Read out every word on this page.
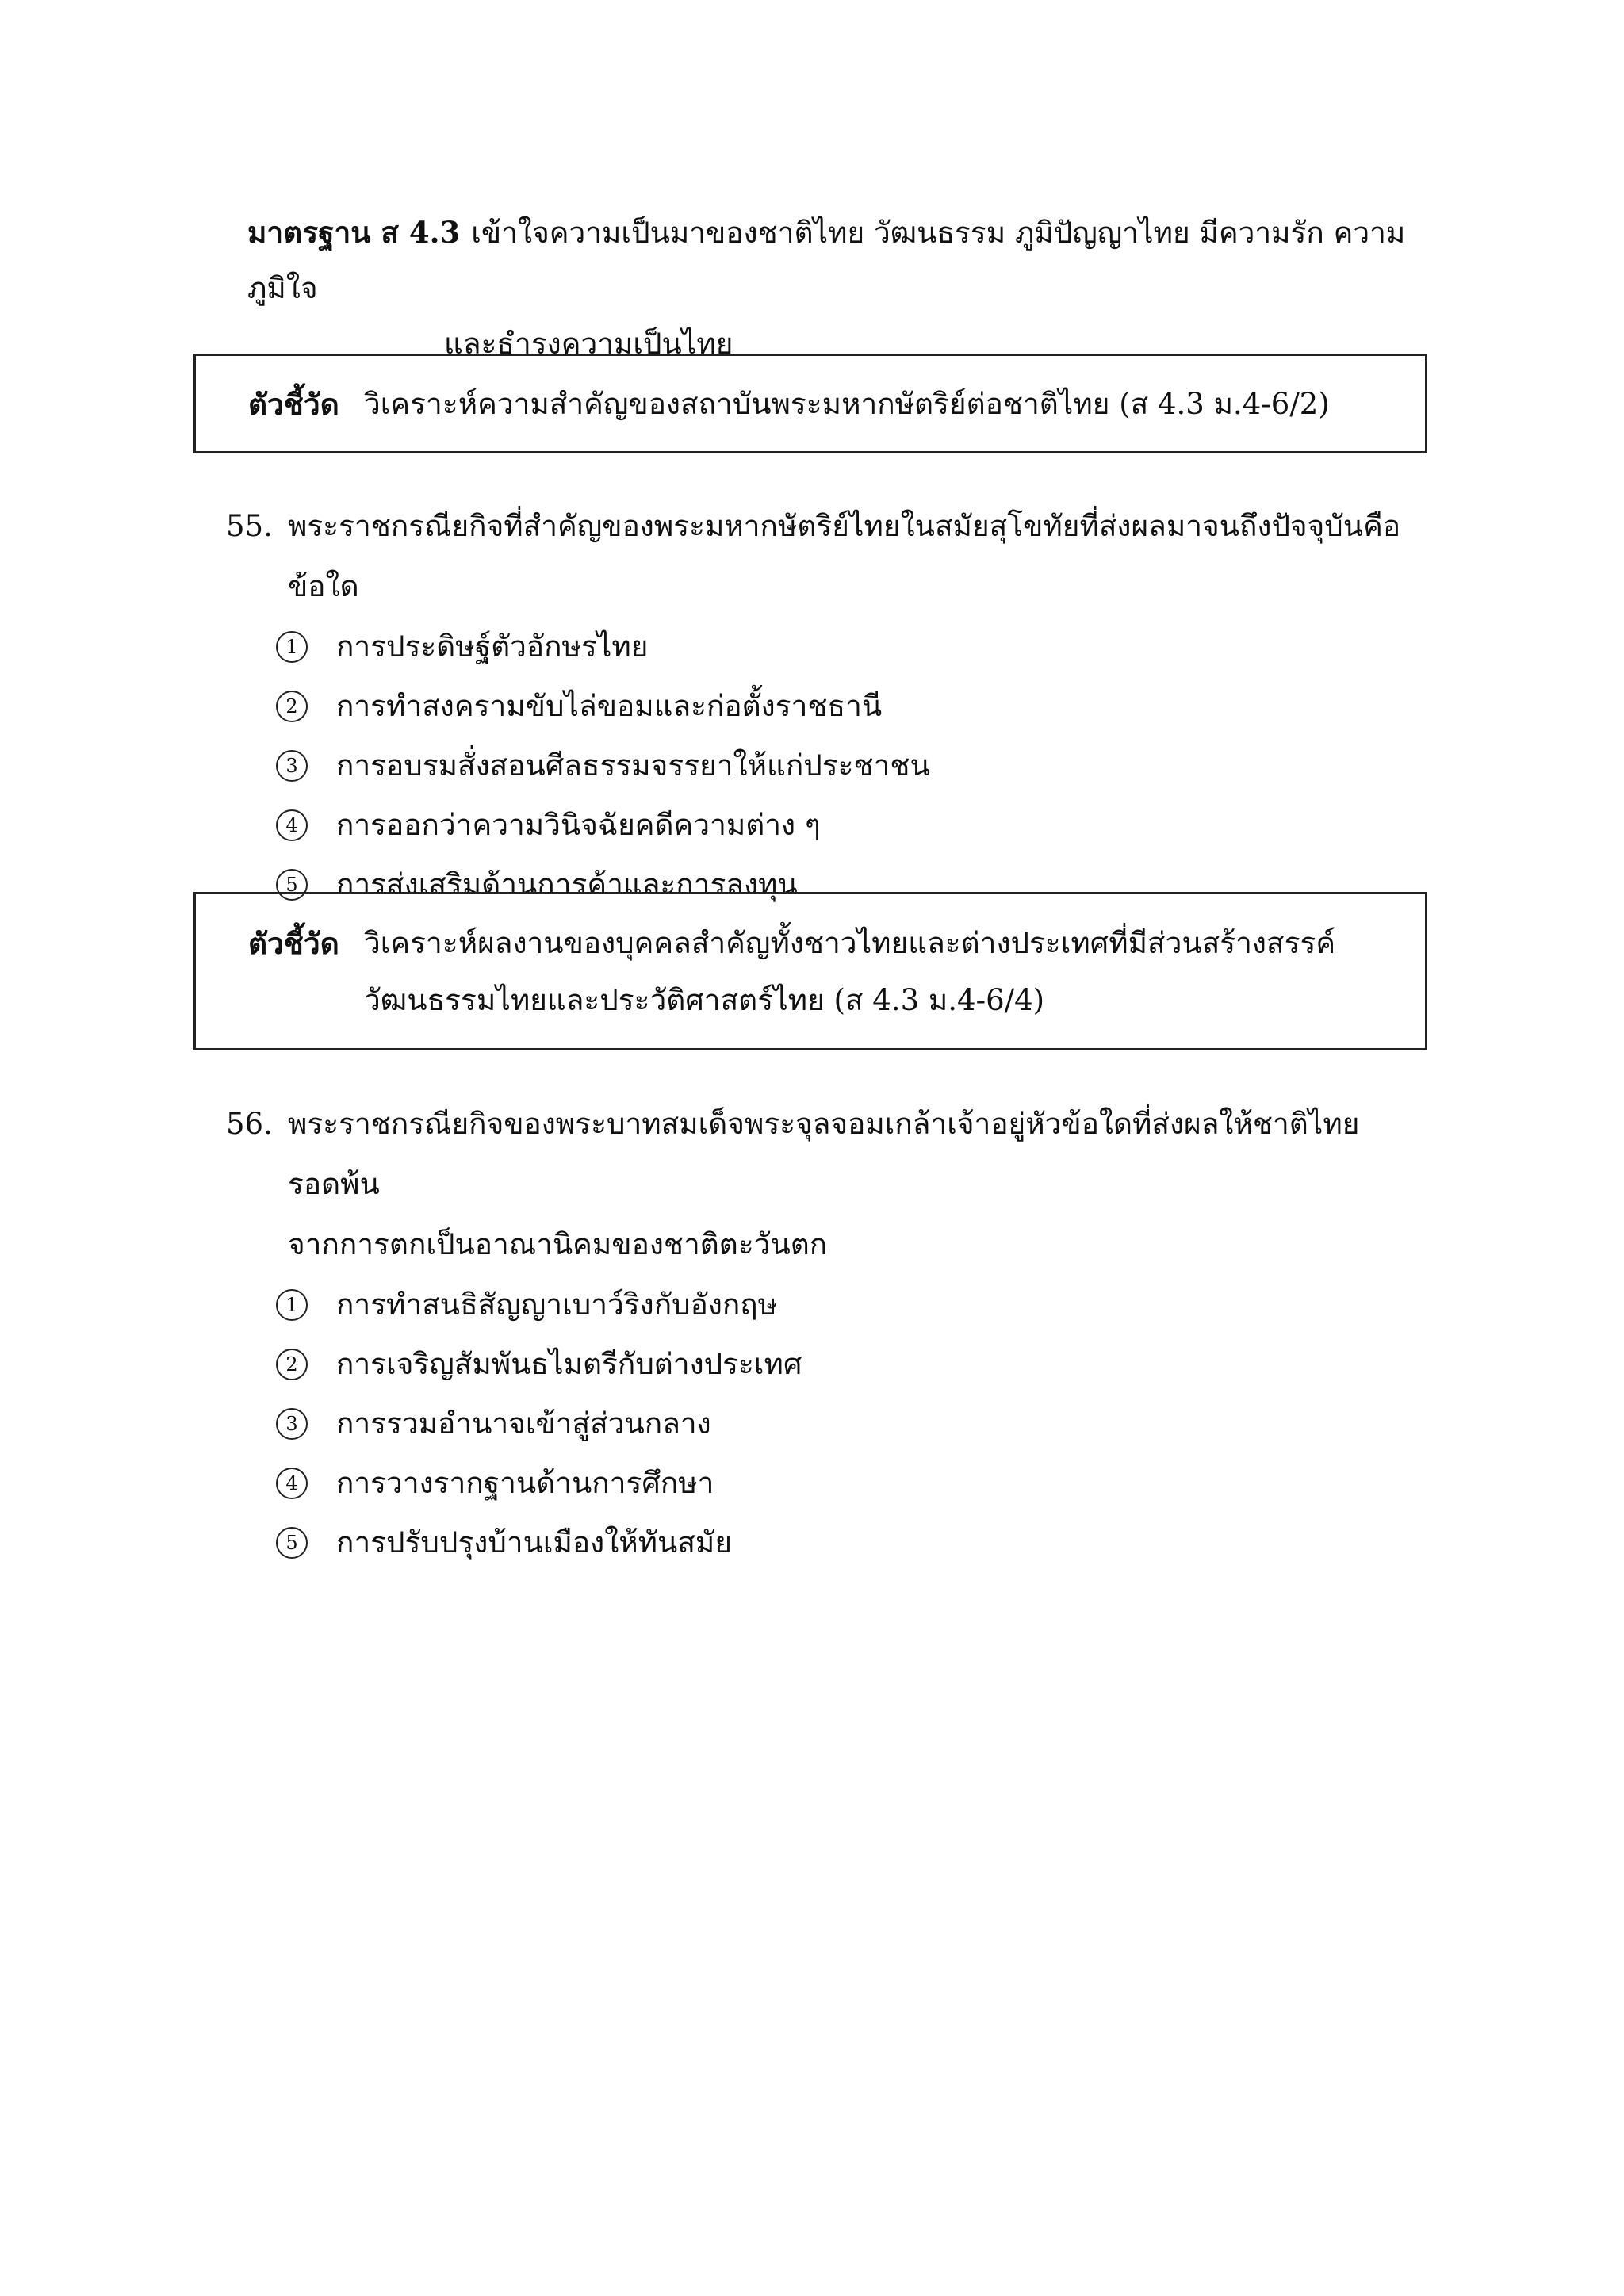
มาตรฐาน ส 4.3 เข้าใจความเป็นมาของชาติไทย วัฒนธรรม ภูมิปัญญาไทย มีความรัก ความภูมิใจ
และธำรงความเป็นไทย
ตัวชี้วัด วิเคราะห์ความสำคัญของสถาบันพระมหากษัตริย์ต่อชาติไทย (ส 4.3 ม.4-6/2)
55. พระราชกรณียกิจที่สำคัญของพระมหากษัตริย์ไทยในสมัยสุโขทัยที่ส่งผลมาจนถึงปัจจุบันคือข้อใด
1	การประดิษฐ์ตัวอักษรไทย
2	การทำสงครามขับไล่ขอมและก่อตั้งราชธานี
3	การอบรมสั่งสอนศีลธรรมจรรยาให้แก่ประชาชน
4	การออกว่าความวินิจฉัยคดีความต่าง ๆ
5	การส่งเสริมด้านการค้าและการลงทุน
ตัวชี้วัด วิเคราะห์ผลงานของบุคคลสำคัญทั้งชาวไทยและต่างประเทศที่มีส่วนสร้างสรรค์
วัฒนธรรมไทยและประวัติศาสตร์ไทย (ส 4.3 ม.4-6/4)
56. พระราชกรณียกิจของพระบาทสมเด็จพระจุลจอมเกล้าเจ้าอยู่หัวข้อใดที่ส่งผลให้ชาติไทยรอดพ้น
จากการตกเป็นอาณานิคมของชาติตะวันตก
1	การทำสนธิสัญญาเบาว์ริงกับอังกฤษ
2	การเจริญสัมพันธไมตรีกับต่างประเทศ
3	การรวมอำนาจเข้าสู่ส่วนกลาง
4	การวางรากฐานด้านการศึกษา
5	การปรับปรุงบ้านเมืองให้ทันสมัย
